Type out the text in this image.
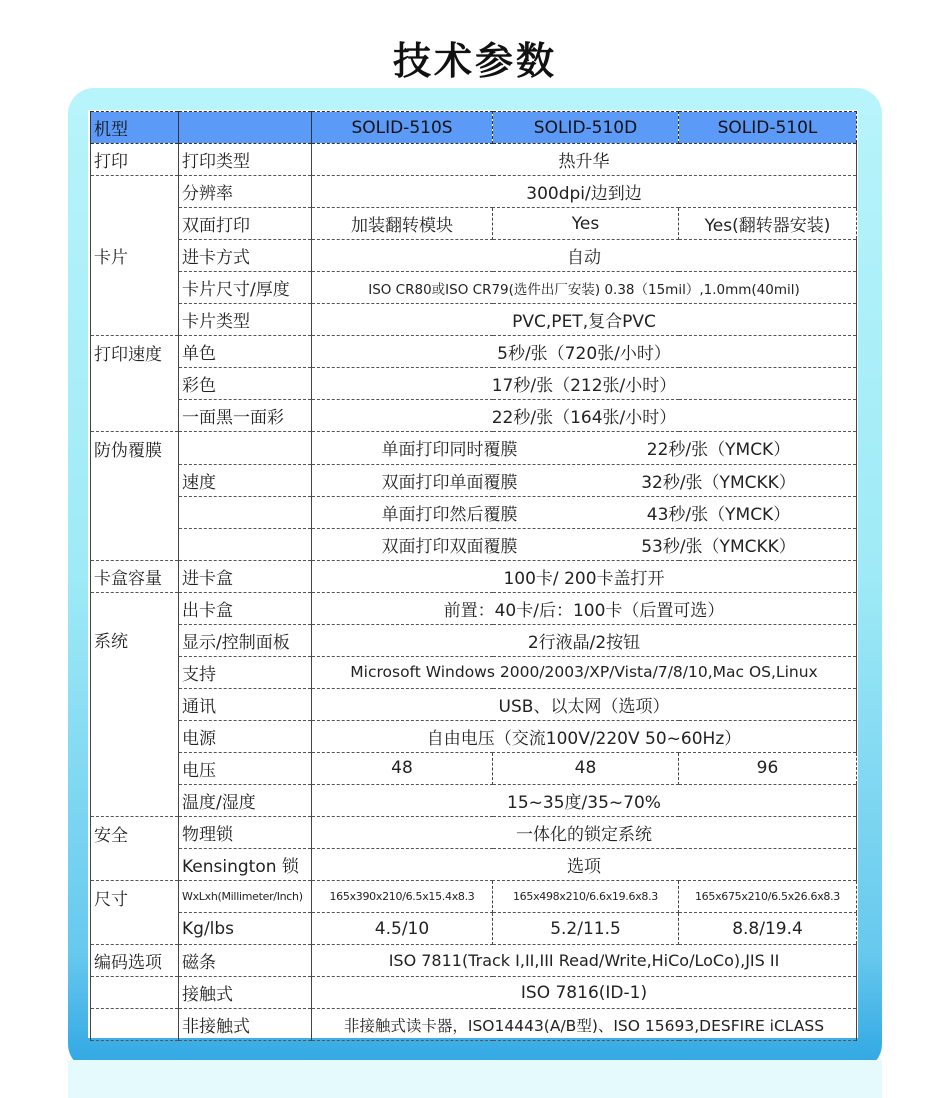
技术参数
机型		SOLID-510S	SOLID-510D	SOLID-510L
打印	打印类型	热升华		
卡片	分辨率	300dpi/边到边		
	双面打印	加装翻转模块	Yes	Yes(翻转器安装)
	进卡方式	自动		
	卡片尺寸/厚度	ISO CR80或ISO CR79(选件出厂安装) 0.38（15mil）,1.0mm(40mil)		
	卡片类型	PVC,PET,复合PVC		
打印速度	单色	5秒/张（720张/小时）		
	彩色	17秒/张（212张/小时）		
	一面黑一面彩	22秒/张（164张/小时）		
防伪覆膜		单面打印同时覆膜 22秒/张（YMCK）		

	速度	双面打印单面覆膜 32秒/张（YMCKK）		

		单面打印然后覆膜 43秒/张（YMCK）		

		双面打印双面覆膜 53秒/张（YMCKK）		

卡盒容量	进卡盒	100卡/ 200卡盖打开		
系统	出卡盒	前置：40卡/后：100卡（后置可选）		
	显示/控制面板	2行液晶/2按钮		
	支持	Microsoft Windows 2000/2003/XP/Vista/7/8/10,Mac OS,Linux		
	通讯	USB、以太网（选项）		
	电源	自由电压（交流100V/220V 50~60Hz）		
	电压	48	48	96
	温度/湿度	15~35度/35~70%		
安全	物理锁	一体化的锁定系统		
	Kensington 锁	选项		
尺寸	WxLxh(Millimeter/Inch)	165x390x210/6.5x15.4x8.3	165x498x210/6.6x19.6x8.3	165x675x210/6.5x26.6x8.3
	Kg/lbs	4.5/10	5.2/11.5	8.8/19.4
编码选项	磁条	ISO 7811(Track I,II,III Read/Write,HiCo/LoCo),JIS II		
	接触式	ISO 7816(ID-1)		
	非接触式	非接触式读卡器，ISO14443(A/B型)、ISO 15693,DESFIRE iCLASS		
